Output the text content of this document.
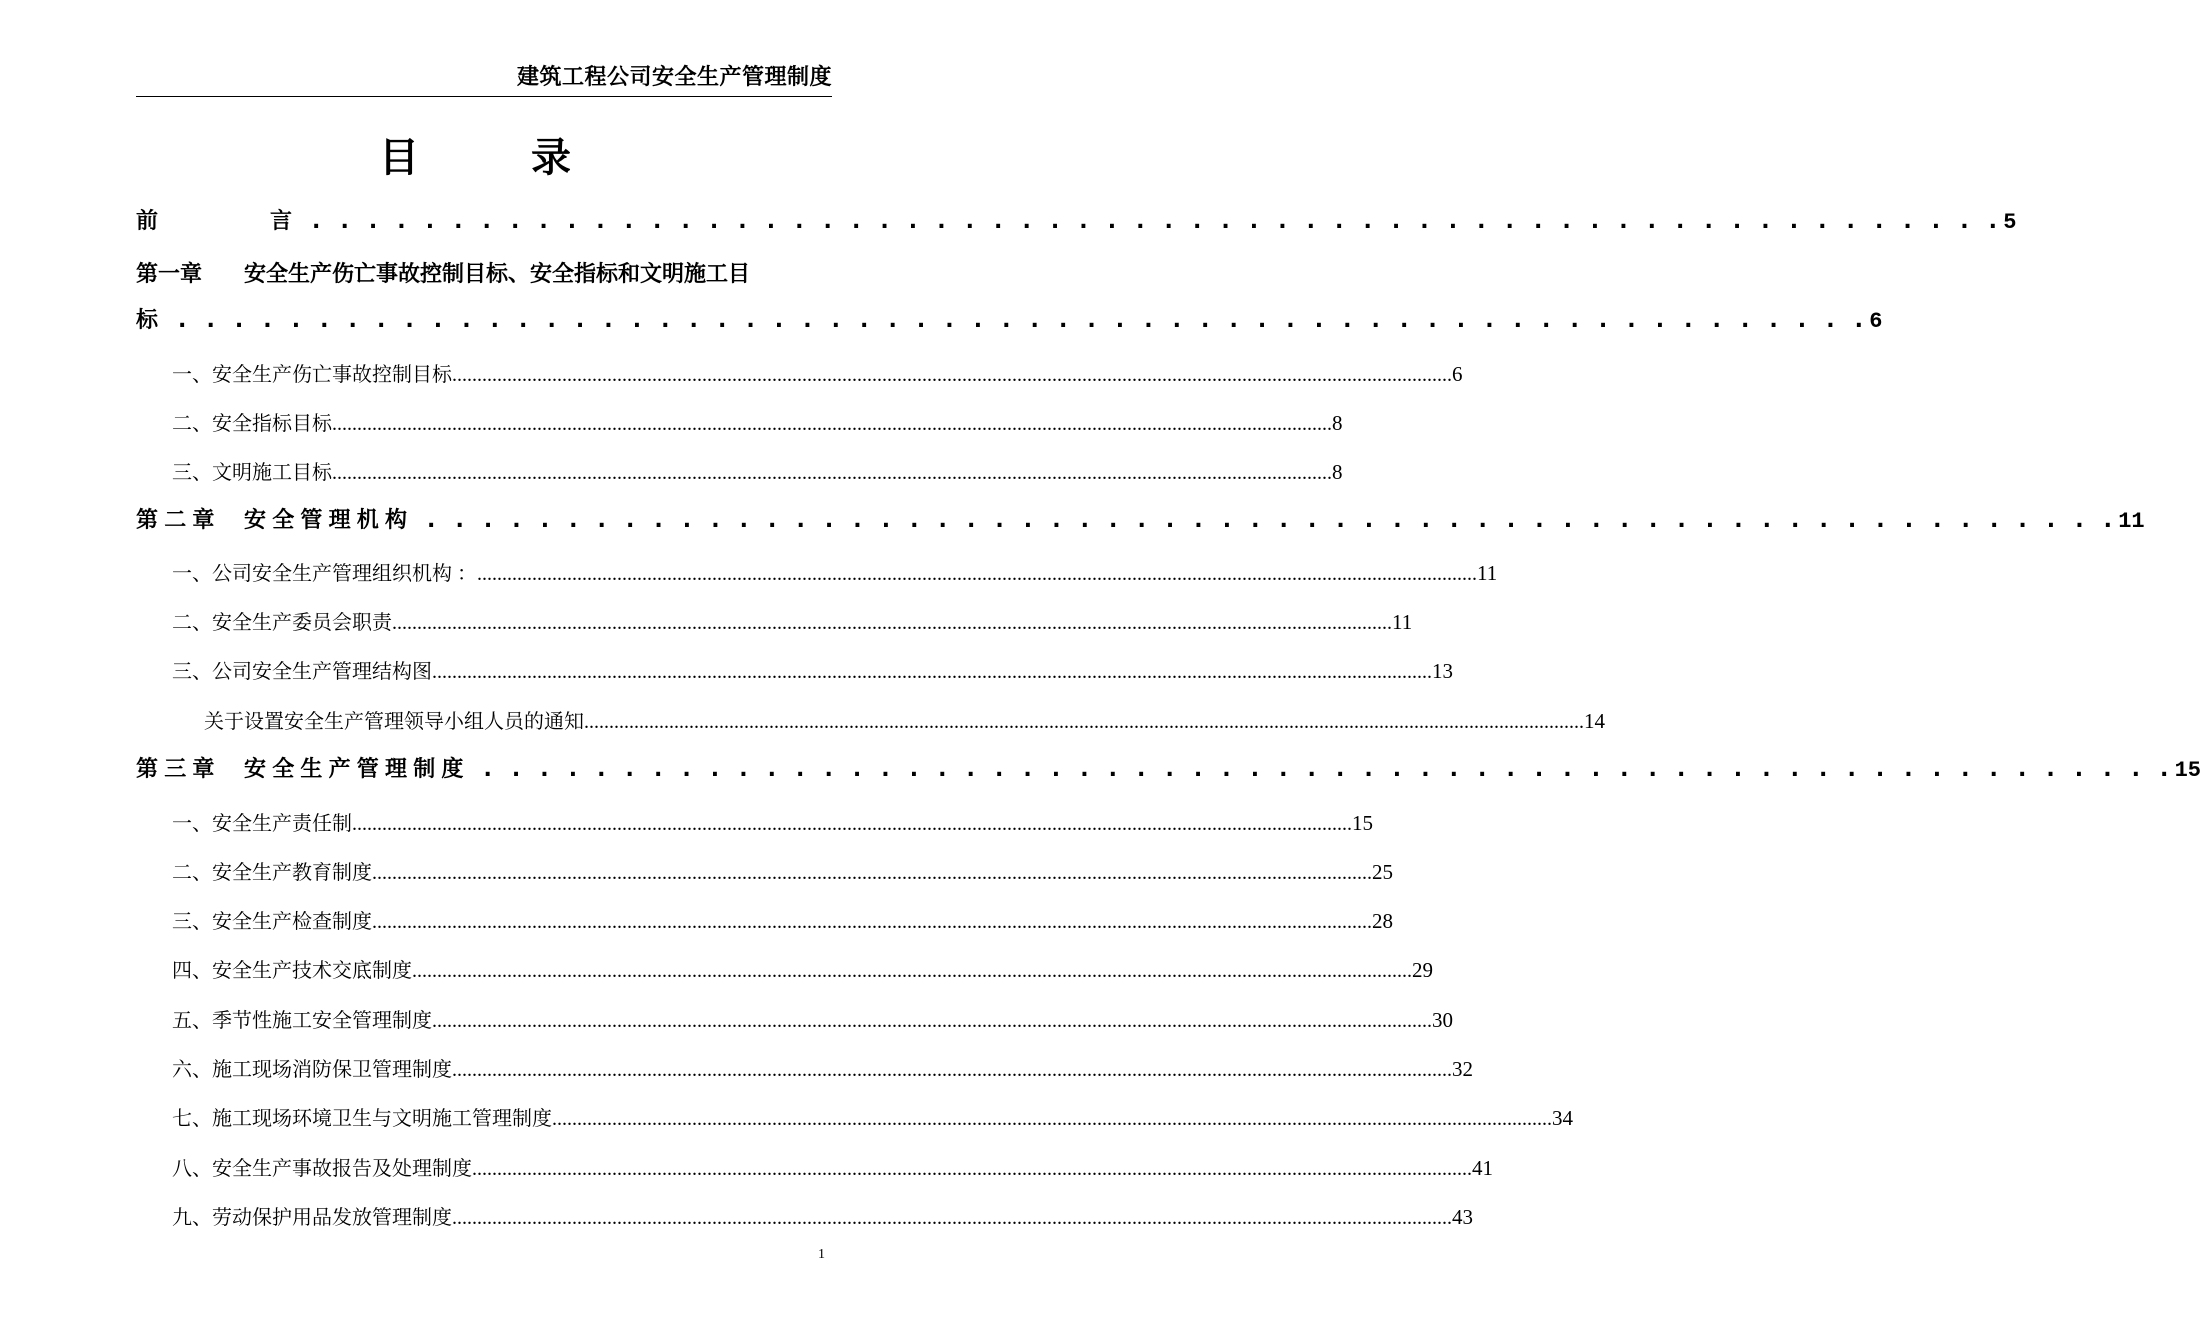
建筑工程公司安全生产管理制度
目录
前	言 . . . . . . . . . . . . . . . . . . . . . . . . . . . . . . . . . . . . . . . . . . . . . . . . . . . . . . . . . . . . 5
第一章 安全生产伤亡事故控制目标、安全指标和文明施工目
标 . . . . . . . . . . . . . . . . . . . . . . . . . . . . . . . . . . . . . . . . . . . . . . . . . . . . . . . . . . . . 6
一、安全生产伤亡事故控制目标........................................................................................................................................................................................................ 6
二、安全指标目标........................................................................................................................................................................................................ 8
三、文明施工目标........................................................................................................................................................................................................ 8
第二章 安全管理机构 . . . . . . . . . . . . . . . . . . . . . . . . . . . . . . . . . . . . . . . . . . . . . . . . . . . . . . . . . . . . 11
一、公司安全生产管理组织机构 ：........................................................................................................................................................................................................ 11
二、安全生产委员会职责........................................................................................................................................................................................................ 11
三、公司安全生产管理结构图........................................................................................................................................................................................................ 13
关于设置安全生产管理领导小组人员的通知........................................................................................................................................................................................................ 14
第三章 安全生产管理制度 . . . . . . . . . . . . . . . . . . . . . . . . . . . . . . . . . . . . . . . . . . . . . . . . . . . . . . . . . . . . 15
一、安全生产责任制........................................................................................................................................................................................................ 15
二、安全生产教育制度........................................................................................................................................................................................................ 25
三、安全生产检查制度........................................................................................................................................................................................................ 28
四、安全生产技术交底制度........................................................................................................................................................................................................ 29
五、季节性施工安全管理制度........................................................................................................................................................................................................ 30
六、施工现场消防保卫管理制度........................................................................................................................................................................................................ 32
七、施工现场环境卫生与文明施工管理制度........................................................................................................................................................................................................ 34
八、安全生产事故报告及处理制度........................................................................................................................................................................................................ 41
九、劳动保护用品发放管理制度........................................................................................................................................................................................................ 43
1
